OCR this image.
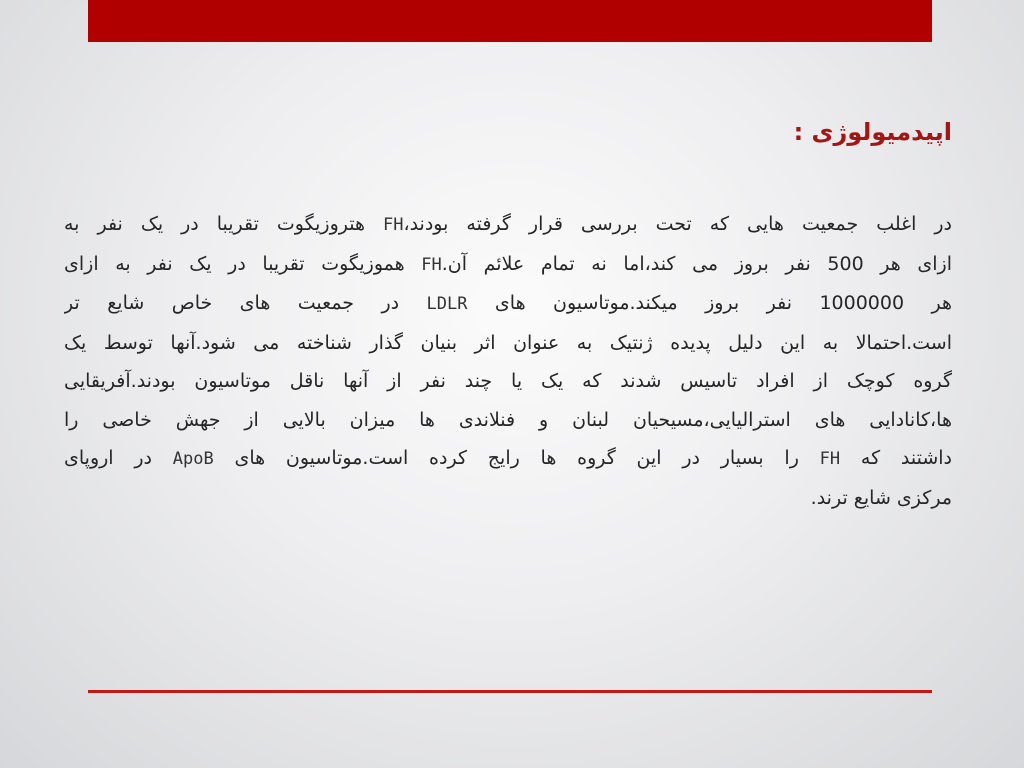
اپیدمیولوژی :
در اغلب جمعیت هایی که تحت بررسی قرار گرفته بودند،FH هتروزیگوت تقریبا در یک نفر به
ازای هر 500 نفر بروز می کند،اما نه تمام علائم آن.FH هموزیگوت تقریبا در یک نفر به ازای
هر 1000000 نفر بروز میکند.موتاسیون های LDLR در جمعیت های خاص شایع تر
است.احتمالا به این دلیل پدیده ژنتیک به عنوان اثر بنیان گذار شناخته می شود.آنها توسط یک
گروه کوچک از افراد تاسیس شدند که یک یا چند نفر از آنها ناقل موتاسیون بودند.آفریقایی
ها،کانادایی های استرالیایی،مسیحیان لبنان و فنلاندی ها میزان بالایی از جهش خاصی را
داشتند که FH را بسیار در این گروه ها رایج کرده است.موتاسیون های ApoB در اروپای
مرکزی شایع ترند.
